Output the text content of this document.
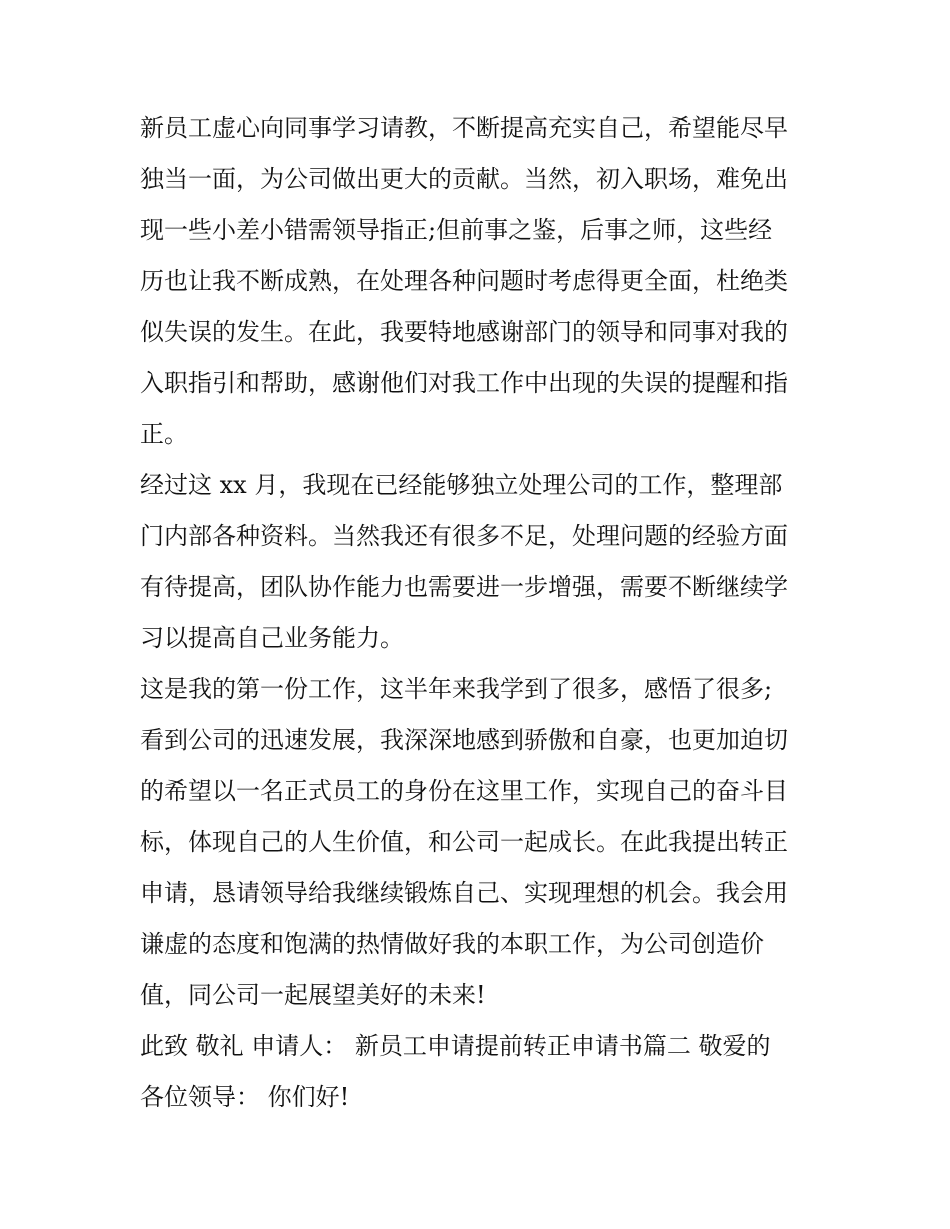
新员工虚心向同事学习请教，不断提高充实自己，希望能尽早
独当一面，为公司做出更大的贡献。当然，初入职场，难免出
现一些小差小错需领导指正;但前事之鉴，后事之师，这些经
历也让我不断成熟，在处理各种问题时考虑得更全面，杜绝类
似失误的发生。在此，我要特地感谢部门的领导和同事对我的
入职指引和帮助，感谢他们对我工作中出现的失误的提醒和指
正。
经过这 xx 月，我现在已经能够独立处理公司的工作，整理部
门内部各种资料。当然我还有很多不足，处理问题的经验方面
有待提高，团队协作能力也需要进一步增强，需要不断继续学
习以提高自己业务能力。
这是我的第一份工作，这半年来我学到了很多，感悟了很多;
看到公司的迅速发展，我深深地感到骄傲和自豪，也更加迫切
的希望以一名正式员工的身份在这里工作，实现自己的奋斗目
标，体现自己的人生价值，和公司一起成长。在此我提出转正
申请，恳请领导给我继续锻炼自己、实现理想的机会。我会用
谦虚的态度和饱满的热情做好我的本职工作，为公司创造价
值，同公司一起展望美好的未来!
此致 敬礼 申请人： 新员工申请提前转正申请书篇二 敬爱的
各位领导： 你们好!
